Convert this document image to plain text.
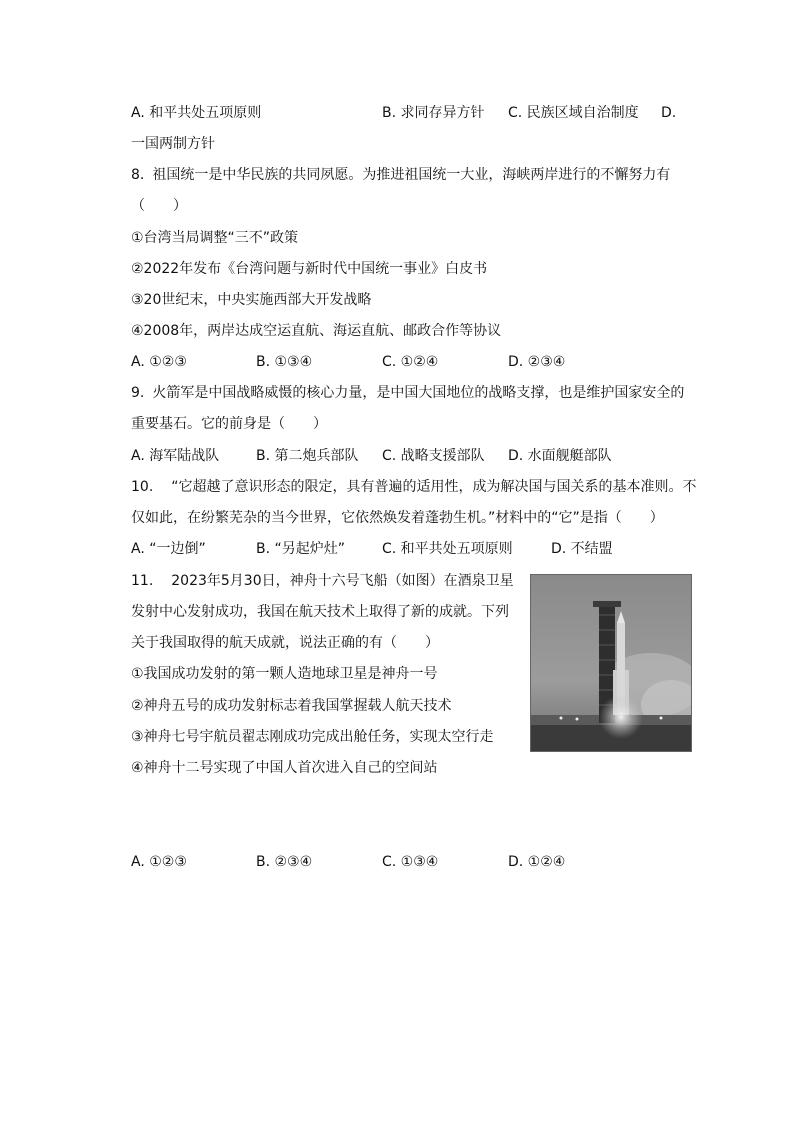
A. 和平共处五项原则	B. 求同存异方针 C. 民族区域自治制度 D.
一国两制方针
8. 祖国统一是中华民族的共同夙愿。为推进祖国统一大业，海峡两岸进行的不懈努力有
（　　）
①台湾当局调整“三不”政策
②2022年发布《台湾问题与新时代中国统一事业》白皮书
③20世纪末，中央实施西部大开发战略
④2008年，两岸达成空运直航、海运直航、邮政合作等协议
A. ①②③	B. ①③④	C. ①②④	D. ②③④
9. 火箭军是中国战略威慑的核心力量，是中国大国地位的战略支撑，也是维护国家安全的
重要基石。它的前身是（　　）
A. 海军陆战队	B. 第二炮兵部队 C. 战略支援部队 D. 水面舰艇部队
10. “它超越了意识形态的限定，具有普遍的适用性，成为解决国与国关系的基本准则。不
仅如此，在纷繁芜杂的当今世界，它依然焕发着蓬勃生机。”材料中的“它”是指（　　）
A. “一边倒”	B. “另起炉灶”	C. 和平共处五项原则	D. 不结盟
11. 2023年5月30日，神舟十六号飞船（如图）在酒泉卫星
发射中心发射成功，我国在航天技术上取得了新的成就。下列
关于我国取得的航天成就，说法正确的有（　　）
①我国成功发射的第一颗人造地球卫星是神舟一号
②神舟五号的成功发射标志着我国掌握载人航天技术
③神舟七号宇航员翟志刚成功完成出舱任务，实现太空行走
④神舟十二号实现了中国人首次进入自己的空间站
A. ①②③	B. ②③④	C. ①③④	D. ①②④
